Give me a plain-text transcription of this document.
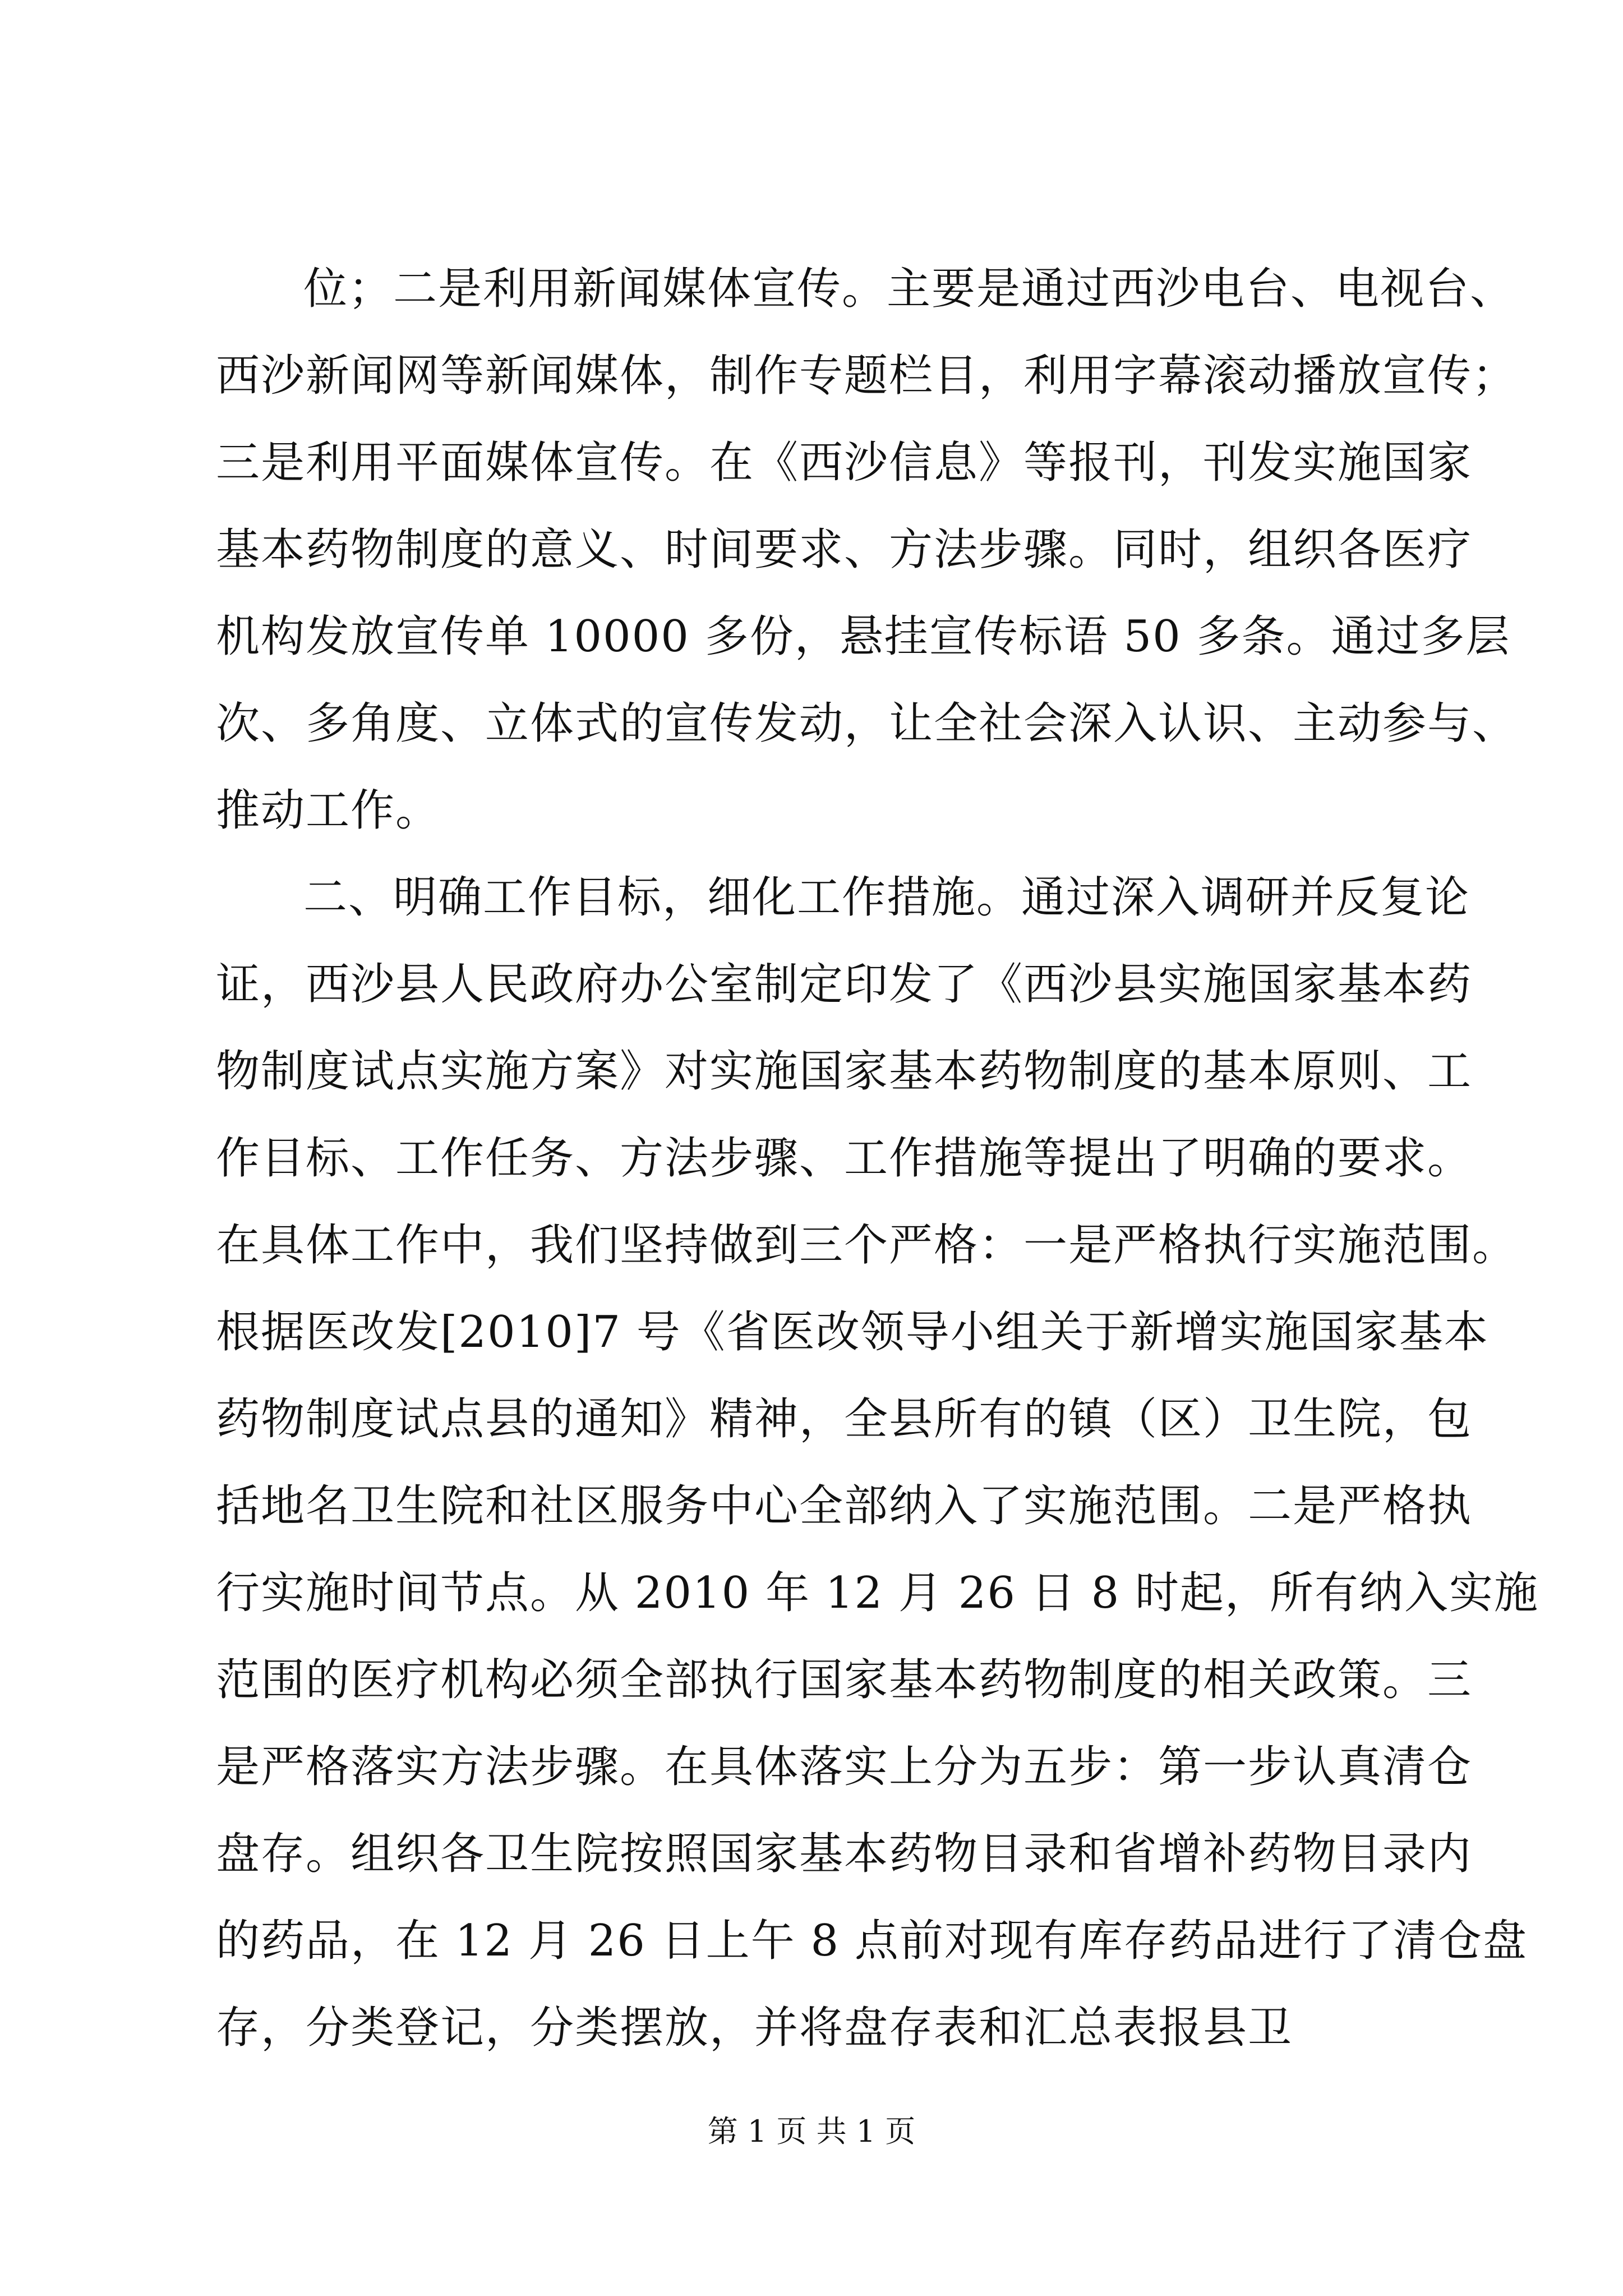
位；二是利用新闻媒体宣传。主要是通过西沙电台、电视台、
西沙新闻网等新闻媒体，制作专题栏目，利用字幕滚动播放宣传；
三是利用平面媒体宣传。在《西沙信息》等报刊，刊发实施国家
基本药物制度的意义、时间要求、方法步骤。同时，组织各医疗
机构发放宣传单 10000 多份，悬挂宣传标语 50 多条。通过多层
次、多角度、立体式的宣传发动，让全社会深入认识、主动参与、
推动工作。
二、明确工作目标，细化工作措施。通过深入调研并反复论
证，西沙县人民政府办公室制定印发了《西沙县实施国家基本药
物制度试点实施方案》对实施国家基本药物制度的基本原则、工
作目标、工作任务、方法步骤、工作措施等提出了明确的要求。
在具体工作中，我们坚持做到三个严格：一是严格执行实施范围。
根据医改发[2010]7 号《省医改领导小组关于新增实施国家基本
药物制度试点县的通知》精神，全县所有的镇（区）卫生院，包
括地名卫生院和社区服务中心全部纳入了实施范围。二是严格执
行实施时间节点。从 2010 年 12 月 26 日 8 时起，所有纳入实施
范围的医疗机构必须全部执行国家基本药物制度的相关政策。三
是严格落实方法步骤。在具体落实上分为五步：第一步认真清仓
盘存。组织各卫生院按照国家基本药物目录和省增补药物目录内
的药品，在 12 月 26 日上午 8 点前对现有库存药品进行了清仓盘
存，分类登记，分类摆放，并将盘存表和汇总表报县卫
第 1 页 共 1 页
